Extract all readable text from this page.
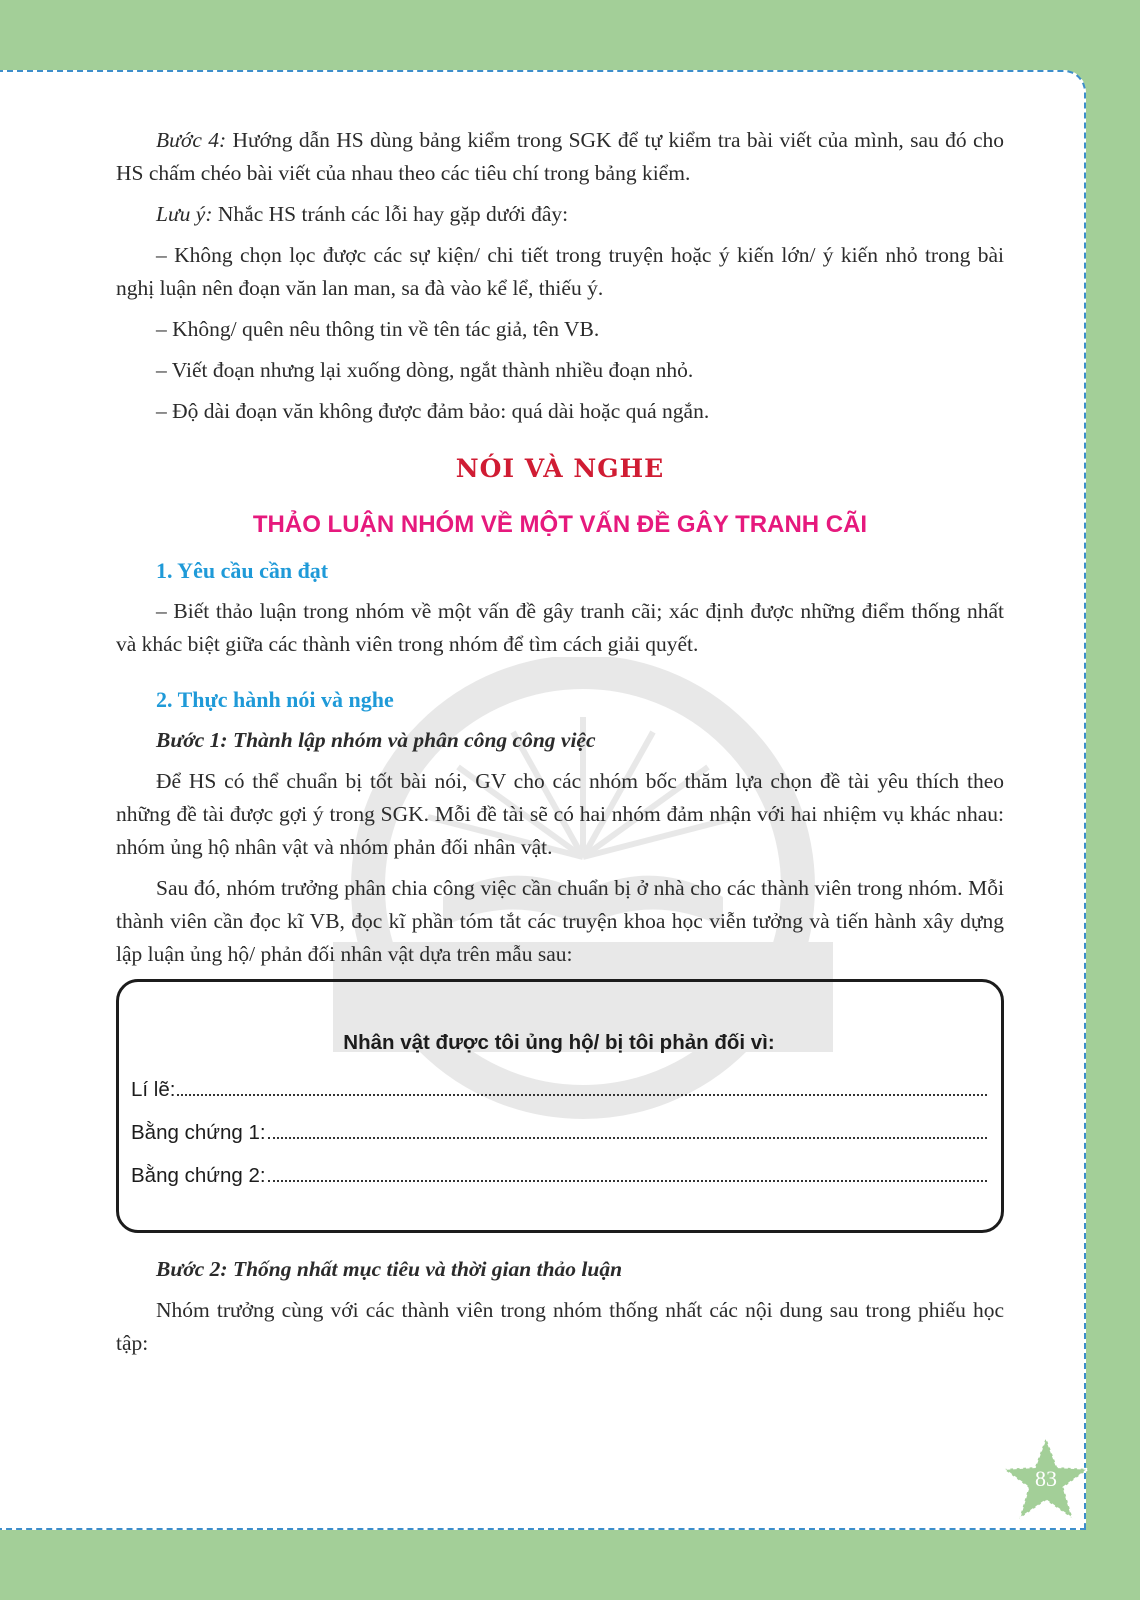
Bước 4: Hướng dẫn HS dùng bảng kiểm trong SGK để tự kiểm tra bài viết của mình, sau đó cho HS chấm chéo bài viết của nhau theo các tiêu chí trong bảng kiểm.

Lưu ý: Nhắc HS tránh các lỗi hay gặp dưới đây:

– Không chọn lọc được các sự kiện/ chi tiết trong truyện hoặc ý kiến lớn/ ý kiến nhỏ trong bài nghị luận nên đoạn văn lan man, sa đà vào kể lể, thiếu ý.

– Không/ quên nêu thông tin về tên tác giả, tên VB.

– Viết đoạn nhưng lại xuống dòng, ngắt thành nhiều đoạn nhỏ.

– Độ dài đoạn văn không được đảm bảo: quá dài hoặc quá ngắn.

NÓI VÀ NGHE
THẢO LUẬN NHÓM VỀ MỘT VẤN ĐỀ GÂY TRANH CÃI
1. Yêu cầu cần đạt

– Biết thảo luận trong nhóm về một vấn đề gây tranh cãi; xác định được những điểm thống nhất và khác biệt giữa các thành viên trong nhóm để tìm cách giải quyết.

2. Thực hành nói và nghe
Bước 1: Thành lập nhóm và phân công công việc

Để HS có thể chuẩn bị tốt bài nói, GV cho các nhóm bốc thăm lựa chọn đề tài yêu thích theo những đề tài được gợi ý trong SGK. Mỗi đề tài sẽ có hai nhóm đảm nhận với hai nhiệm vụ khác nhau: nhóm ủng hộ nhân vật và nhóm phản đối nhân vật.

Sau đó, nhóm trưởng phân chia công việc cần chuẩn bị ở nhà cho các thành viên trong nhóm. Mỗi thành viên cần đọc kĩ VB, đọc kĩ phần tóm tắt các truyện khoa học viễn tưởng và tiến hành xây dựng lập luận ủng hộ/ phản đối nhân vật dựa trên mẫu sau:

Nhân vật được tôi ủng hộ/ bị tôi phản đối vì:
Lí lẽ:
Bằng chứng 1:
Bằng chứng 2:
Bước 2: Thống nhất mục tiêu và thời gian thảo luận

Nhóm trưởng cùng với các thành viên trong nhóm thống nhất các nội dung sau trong phiếu học tập:

83
